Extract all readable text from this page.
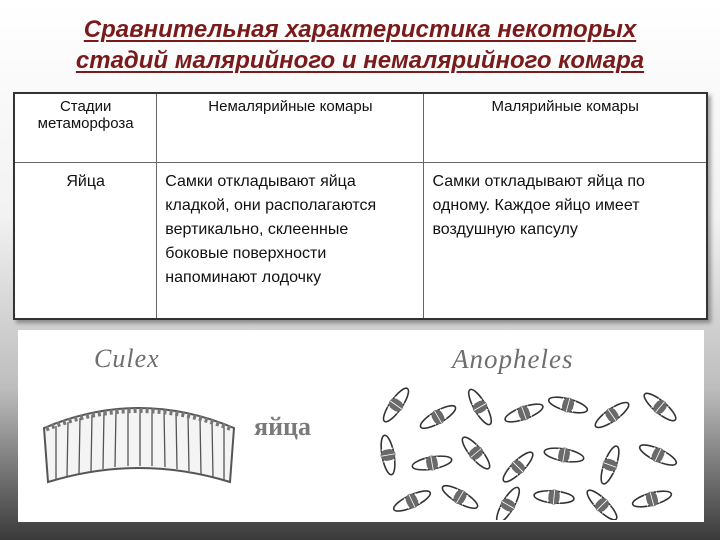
Сравнительная характеристика некоторых
стадий малярийного и немалярийного комара
Стадии метаморфоза	Немалярийные комары	Малярийные комары
Яйца	Самки откладывают яйца кладкой, они располагаются вертикально, склеенные боковые поверхности напоминают лодочку	Самки откладывают яйца по одному. Каждое яйцо имеет воздушную капсулу
Culex	Anopheles
яйца
